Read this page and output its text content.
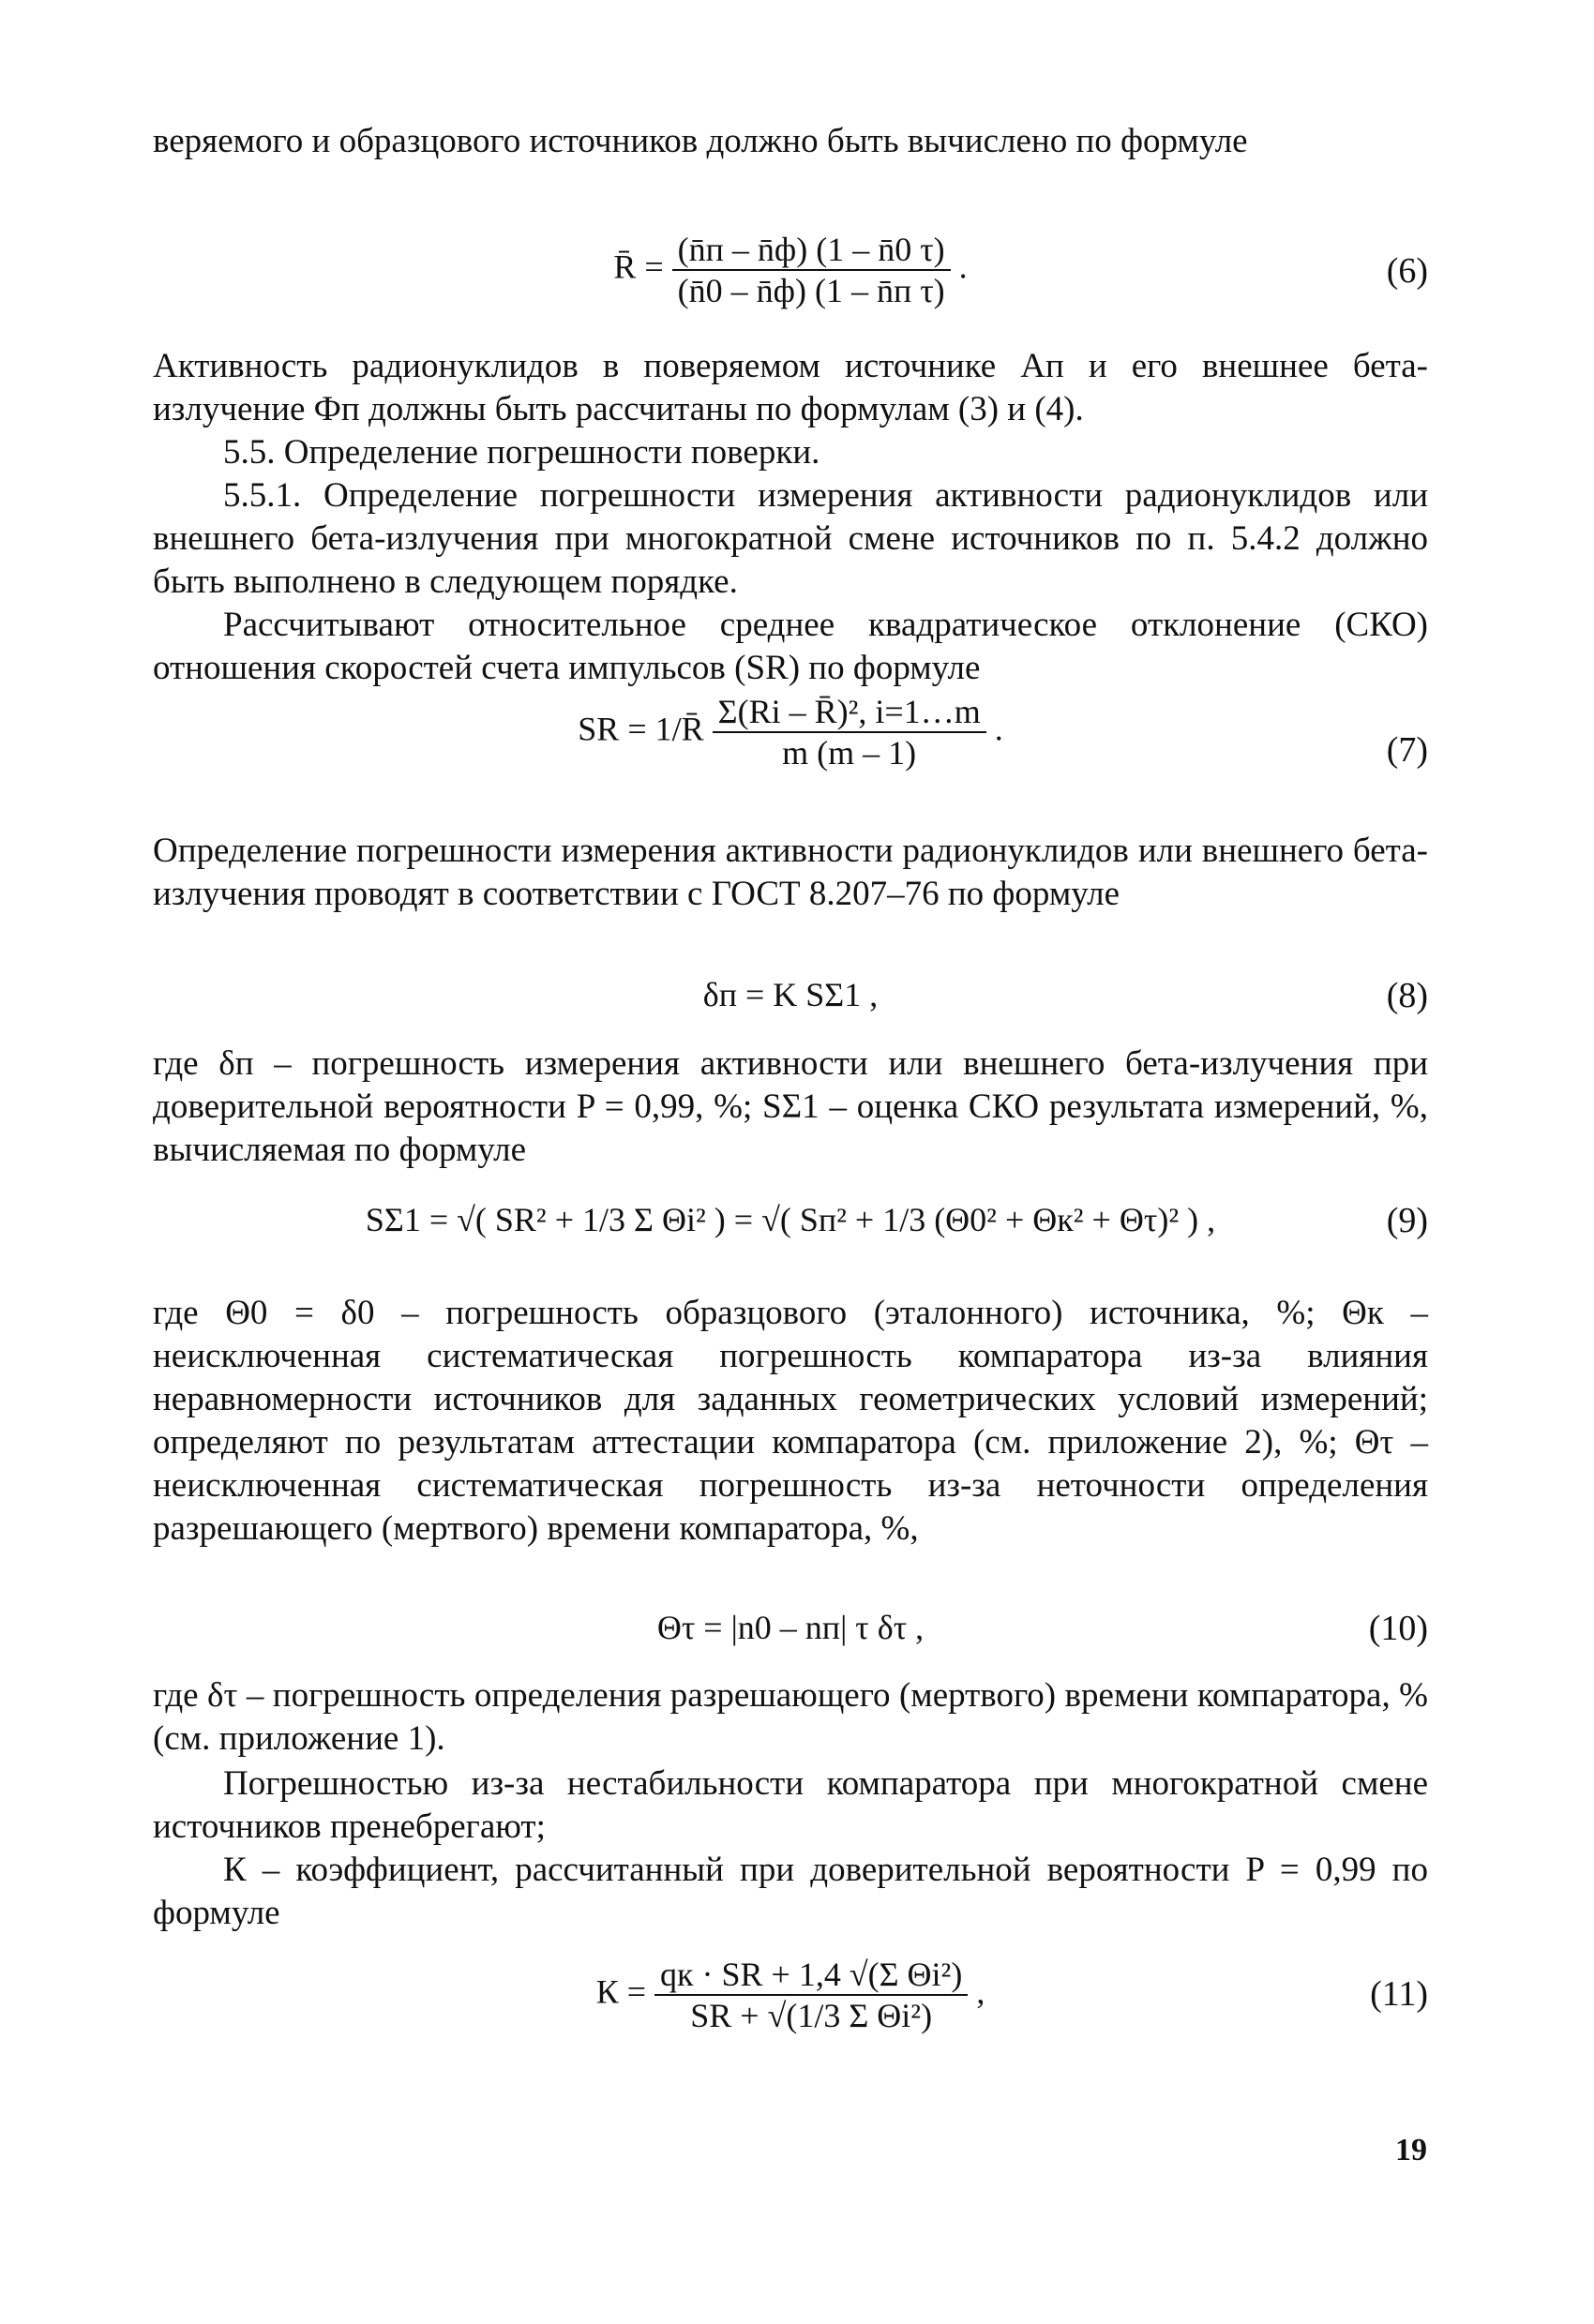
веряемого и образцового источников должно быть вычислено по формуле

R̄ = $\frac{(n̄п - n̄ф) (1 - n̄0 \tau)}{\text{(n̄0 – n̄ф) (1 – n̄п τ)}}$ .	(6)

Активность радионуклидов в поверяемом источнике Aп и его внешнее бета-излучение Фп должны быть рассчитаны по формулам (3) и (4).

5.5. Определение погрешности поверки.

5.5.1. Определение погрешности измерения активности радионуклидов или внешнего бета-излучения при многократной смене источников по п. 5.4.2 должно быть выполнено в следующем порядке.

Рассчитывают относительное среднее квадратическое отклонение (СКО) отношения скоростей счета импульсов (SR) по формуле

SR = 1/R̄ $\frac{\text{Σ(Ri – R̄)², i=1…m}}{m (m - 1)}$ .
(7)

Определение погрешности измерения активности радионуклидов или внешнего бета-излучения проводят в соответствии с ГОСТ 8.207–76 по формуле

δп = K SΣ1 ,	(8)

где δп – погрешность измерения активности или внешнего бета-излучения при доверительной вероятности P = 0,99, %; SΣ1 – оценка СКО результата измерений, %, вычисляемая по формуле

SΣ1 = √( SR² + 1/3 Σ Θi² ) = √( Sп² + 1/3 (Θ0² + Θк² + Θτ)² ) ,	(9)

где Θ0 = δ0 – погрешность образцового (эталонного) источника, %; Θк – неисключенная систематическая погрешность компаратора из-за влияния неравномерности источников для заданных геометрических условий измерений; определяют по результатам аттестации компаратора (см. приложение 2), %; Θτ – неисключенная систематическая погрешность из-за неточности определения разрешающего (мертвого) времени компаратора, %,

Θτ = |n0 – nп| τ δτ ,	(10)

где δτ – погрешность определения разрешающего (мертвого) времени компаратора, % (см. приложение 1).

Погрешностью из-за нестабильности компаратора при многократной смене источников пренебрегают;

К – коэффициент, рассчитанный при доверительной вероятности P = 0,99 по формуле

$К = \frac{\text{qк · SR + 1,4 √(Σ Θi²)}}{\text{SR + √(1/3 Σ Θi²)}}$ ,	(11)
19
